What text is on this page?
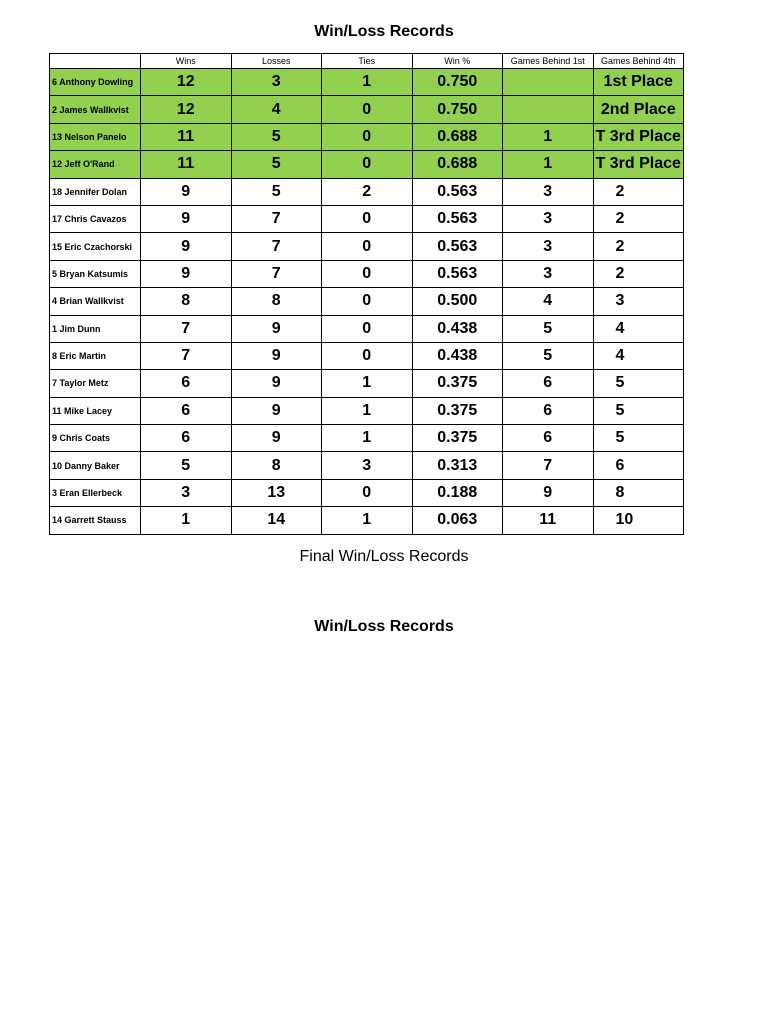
Win/Loss Records
	Wins	Losses	Ties	Win %	Games Behind 1st	Games Behind 4th
6 Anthony Dowling	12	3	1	0.750		1st Place
2 James Wallkvist	12	4	0	0.750		2nd Place
13 Nelson Panelo	11	5	0	0.688	1	T 3rd Place
12 Jeff O'Rand	11	5	0	0.688	1	T 3rd Place
18 Jennifer Dolan	9	5	2	0.563	3	2
17 Chris Cavazos	9	7	0	0.563	3	2
15 Eric Czachorski	9	7	0	0.563	3	2
5 Bryan Katsumis	9	7	0	0.563	3	2
4 Brian Wallkvist	8	8	0	0.500	4	3
1 Jim Dunn	7	9	0	0.438	5	4
8 Eric Martin	7	9	0	0.438	5	4
7 Taylor Metz	6	9	1	0.375	6	5
11 Mike Lacey	6	9	1	0.375	6	5
9 Chris Coats	6	9	1	0.375	6	5
10 Danny Baker	5	8	3	0.313	7	6
3 Eran Ellerbeck	3	13	0	0.188	9	8
14 Garrett Stauss	1	14	1	0.063	11	10
Final Win/Loss Records
Win/Loss Records
